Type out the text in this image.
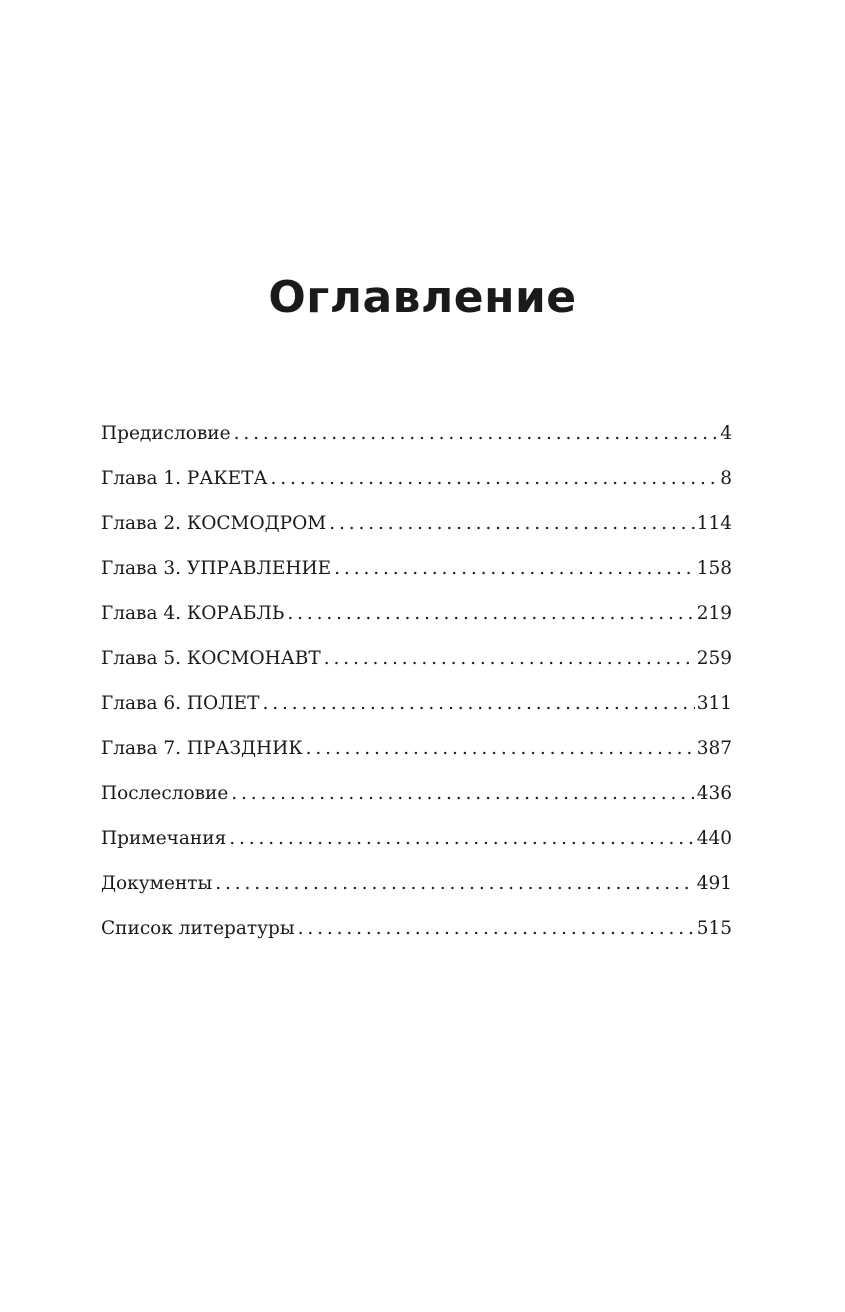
Оглавление
Предисловие . . .	4
Глава 1. РАКЕТА . . .	8
Глава 2. КОСМОДРОМ . . .	114
Глава 3. УПРАВЛЕНИЕ . . .	158
Глава 4. КОРАБЛЬ . . .	219
Глава 5. КОСМОНАВТ . . .	259
Глава 6. ПОЛЕТ . . .	311
Глава 7. ПРАЗДНИК . . .	387
Послесловие . . .	436
Примечания . . .	440
Документы . . .	491
Список литературы . . .	515
